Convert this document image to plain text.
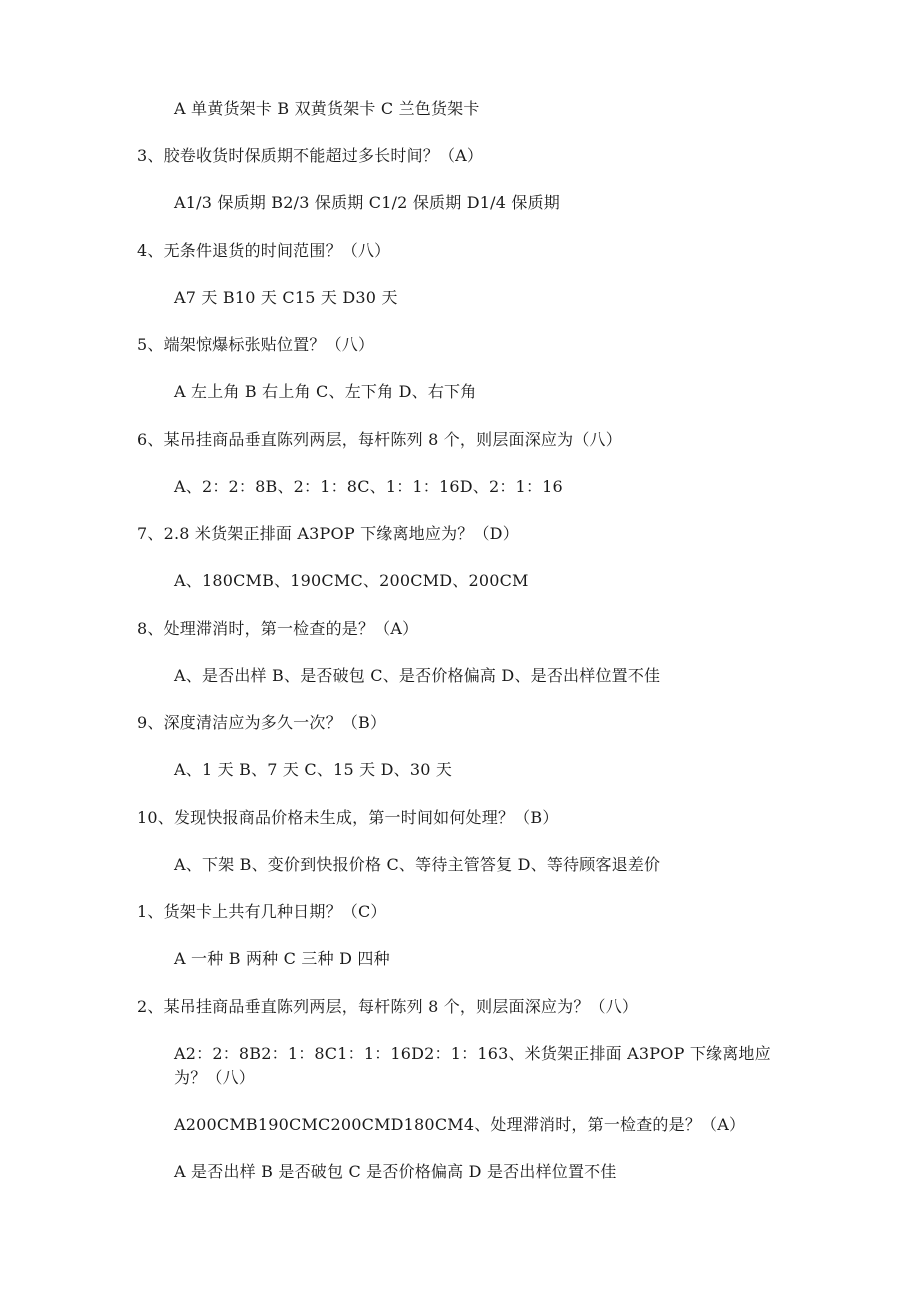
A 单黄货架卡 B 双黄货架卡 C 兰色货架卡
3、胶卷收货时保质期不能超过多长时间？（A）
A1/3 保质期 B2/3 保质期 C1/2 保质期 D1/4 保质期
4、无条件退货的时间范围？（八）
A7 天 B10 天 C15 天 D30 天
5、端架惊爆标张贴位置？（八）
A 左上角 B 右上角 C、左下角 D、右下角
6、某吊挂商品垂直陈列两层，每杆陈列 8 个，则层面深应为（八）
A、2：2：8B、2：1：8C、1：1：16D、2：1：16
7、2.8 米货架正排面 A3POP 下缘离地应为？（D）
A、180CMB、190CMC、200CMD、200CM
8、处理滞消时，第一检查的是？（A）
A、是否出样 B、是否破包 C、是否价格偏高 D、是否出样位置不佳
9、深度清洁应为多久一次？（B）
A、1 天 B、7 天 C、15 天 D、30 天
10、发现快报商品价格未生成，第一时间如何处理？（B）
A、下架 B、变价到快报价格 C、等待主管答复 D、等待顾客退差价
1、货架卡上共有几种日期？（C）
A 一种 B 两种 C 三种 D 四种
2、某吊挂商品垂直陈列两层，每杆陈列 8 个，则层面深应为？（八）
A2：2：8B2：1：8C1：1：16D2：1：163、米货架正排面 A3POP 下缘离地应为？（八）
A200CMB190CMC200CMD180CM4、处理滞消时，第一检查的是？（A）
A 是否出样 B 是否破包 C 是否价格偏高 D 是否出样位置不佳
